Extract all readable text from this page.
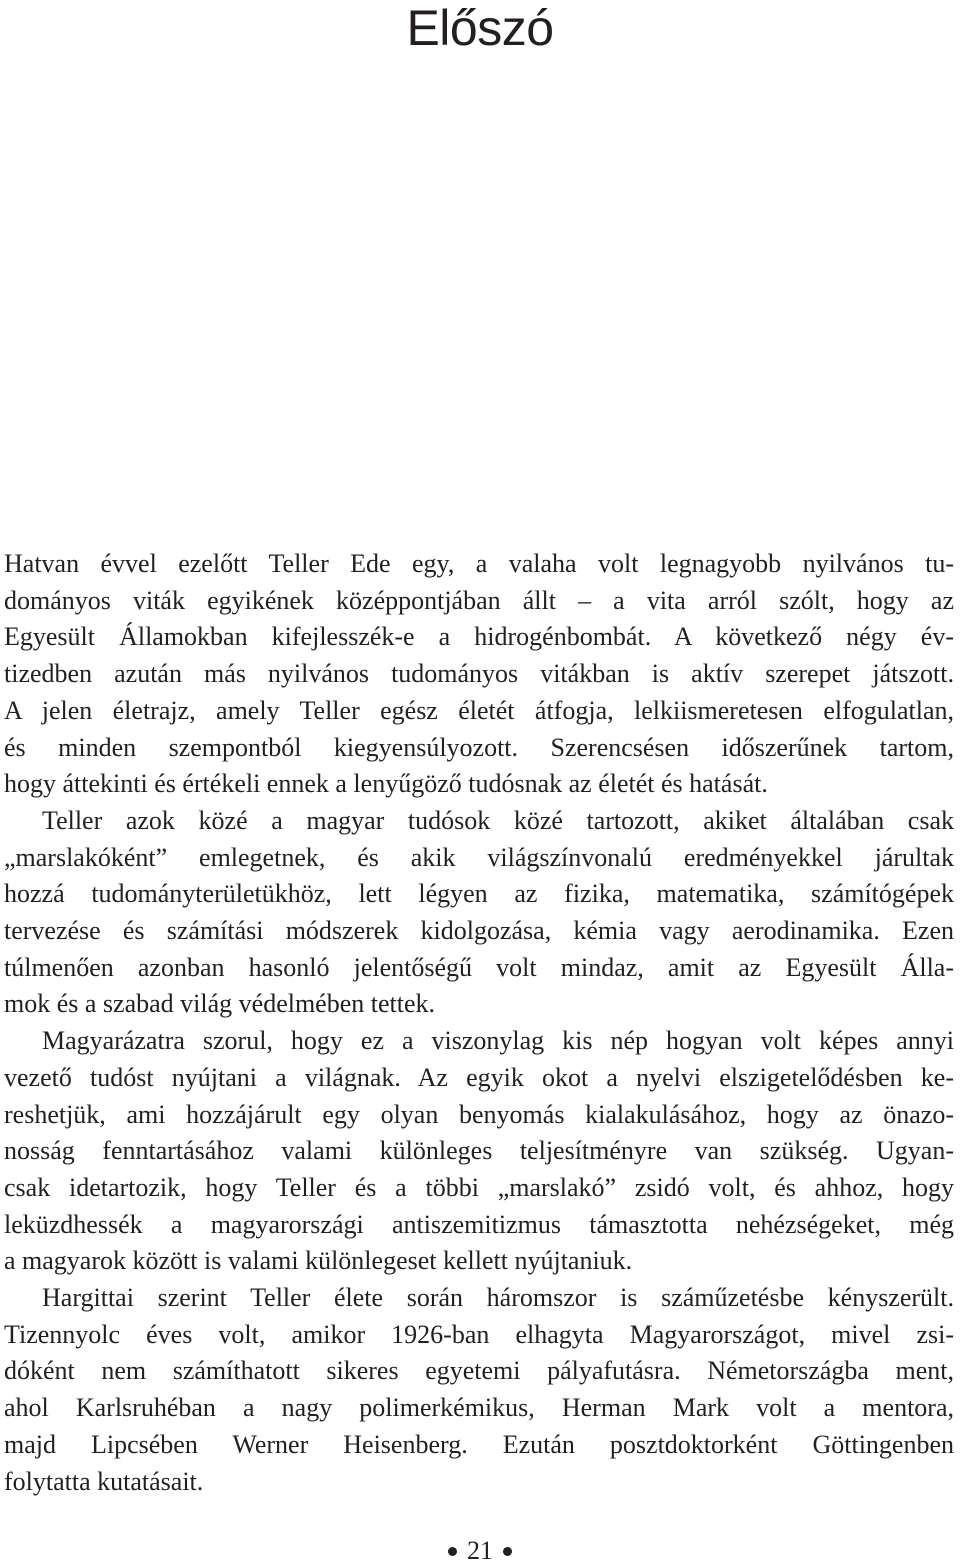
Előszó

Hatvan évvel ezelőtt Teller Ede egy, a valaha volt legnagyobb nyilvános tu-
dományos viták egyikének középpontjában állt – a vita arról szólt, hogy az
Egyesült Államokban kifejlesszék-e a hidrogénbombát. A következő négy év-
tizedben azután más nyilvános tudományos vitákban is aktív szerepet játszott.
A jelen életrajz, amely Teller egész életét átfogja, lelkiismeretesen elfogulatlan,
és minden szempontból kiegyensúlyozott. Szerencsésen időszerűnek tartom,
hogy áttekinti és értékeli ennek a lenyűgöző tudósnak az életét és hatását.

Teller azok közé a magyar tudósok közé tartozott, akiket általában csak
„marslakóként” emlegetnek, és akik világszínvonalú eredményekkel járultak
hozzá tudományterületükhöz, lett légyen az fizika, matematika, számítógépek
tervezése és számítási módszerek kidolgozása, kémia vagy aerodinamika. Ezen
túlmenően azonban hasonló jelentőségű volt mindaz, amit az Egyesült Álla-
mok és a szabad világ védelmében tettek.

Magyarázatra szorul, hogy ez a viszonylag kis nép hogyan volt képes annyi
vezető tudóst nyújtani a világnak. Az egyik okot a nyelvi elszigetelődésben ke-
reshetjük, ami hozzájárult egy olyan benyomás kialakulásához, hogy az önazo-
nosság fenntartásához valami különleges teljesítményre van szükség. Ugyan-
csak idetartozik, hogy Teller és a többi „marslakó” zsidó volt, és ahhoz, hogy
leküzdhessék a magyarországi antiszemitizmus támasztotta nehézségeket, még
a magyarok között is valami különlegeset kellett nyújtaniuk.

Hargittai szerint Teller élete során háromszor is száműzetésbe kényszerült.
Tizennyolc éves volt, amikor 1926-ban elhagyta Magyarországot, mivel zsi-
dóként nem számíthatott sikeres egyetemi pályafutásra. Németországba ment,
ahol Karlsruhéban a nagy polimerkémikus, Herman Mark volt a mentora,
majd Lipcsében Werner Heisenberg. Ezután posztdoktorként Göttingenben
folytatta kutatásait.

21
